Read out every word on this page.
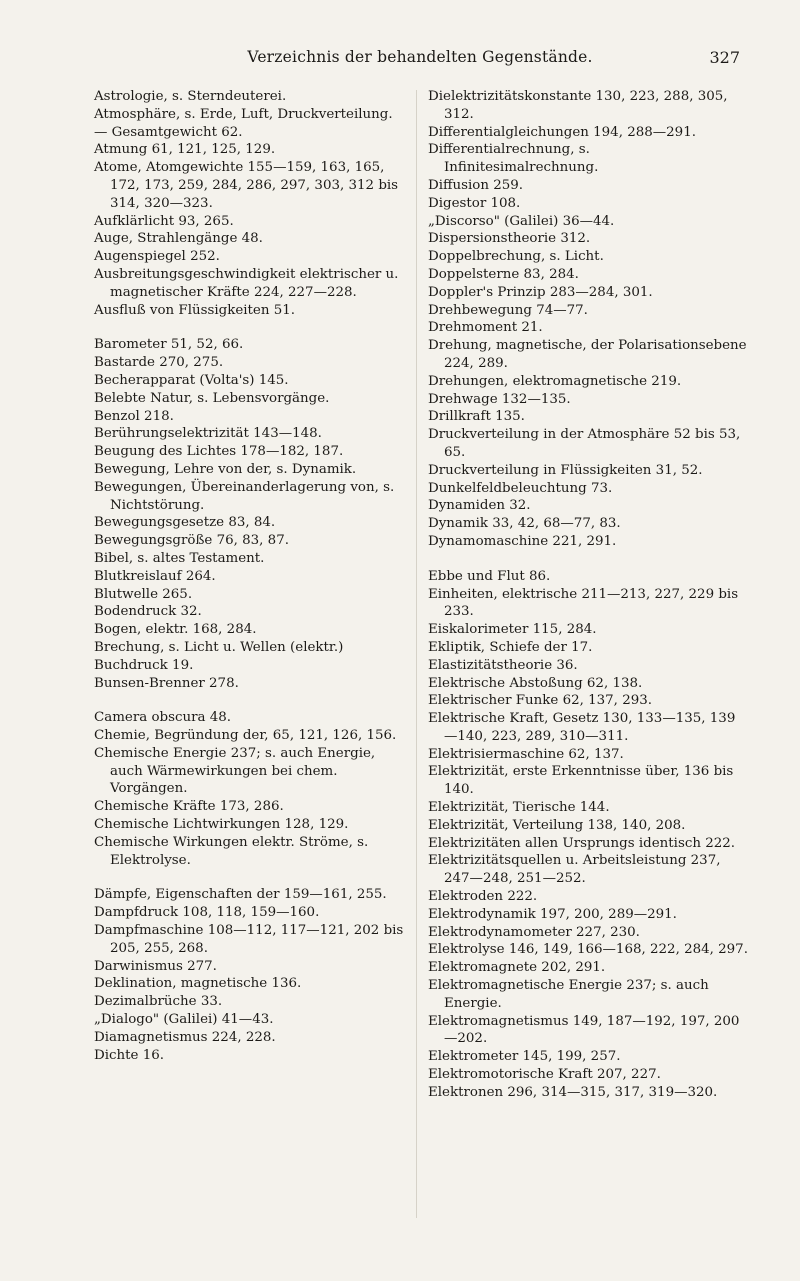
Verzeichnis der behandelten Gegenstände.	327
Astrologie, s. Sterndeuterei.
Atmosphäre, s. Erde, Luft, Druckverteilung.
— Gesamtgewicht 62.
Atmung 61, 121, 125, 129.
Atome, Atomgewichte 155—159, 163, 165, 172, 173, 259, 284, 286, 297, 303, 312 bis 314, 320—323.
Aufklärlicht 93, 265.
Auge, Strahlengänge 48.
Augenspiegel 252.
Ausbreitungsgeschwindigkeit elektrischer u. magnetischer Kräfte 224, 227—228.
Ausfluß von Flüssigkeiten 51.
Barometer 51, 52, 66.
Bastarde 270, 275.
Becherapparat (Volta's) 145.
Belebte Natur, s. Lebensvorgänge.
Benzol 218.
Berührungselektrizität 143—148.
Beugung des Lichtes 178—182, 187.
Bewegung, Lehre von der, s. Dynamik.
Bewegungen, Übereinanderlagerung von, s. Nichtstörung.
Bewegungsgesetze 83, 84.
Bewegungsgröße 76, 83, 87.
Bibel, s. altes Testament.
Blutkreislauf 264.
Blutwelle 265.
Bodendruck 32.
Bogen, elektr. 168, 284.
Brechung, s. Licht u. Wellen (elektr.)
Buchdruck 19.
Bunsen-Brenner 278.
Camera obscura 48.
Chemie, Begründung der, 65, 121, 126, 156.
Chemische Energie 237; s. auch Energie, auch Wärmewirkungen bei chem. Vorgängen.
Chemische Kräfte 173, 286.
Chemische Lichtwirkungen 128, 129.
Chemische Wirkungen elektr. Ströme, s. Elektrolyse.
Dämpfe, Eigenschaften der 159—161, 255.
Dampfdruck 108, 118, 159—160.
Dampfmaschine 108—112, 117—121, 202 bis 205, 255, 268.
Darwinismus 277.
Deklination, magnetische 136.
Dezimalbrüche 33.
„Dialogo" (Galilei) 41—43.
Diamagnetismus 224, 228.
Dichte 16.
Dielektrizitätskonstante 130, 223, 288, 305, 312.
Differentialgleichungen 194, 288—291.
Differentialrechnung, s. Infinitesimalrechnung.
Diffusion 259.
Digestor 108.
„Discorso" (Galilei) 36—44.
Dispersionstheorie 312.
Doppelbrechung, s. Licht.
Doppelsterne 83, 284.
Doppler's Prinzip 283—284, 301.
Drehbewegung 74—77.
Drehmoment 21.
Drehung, magnetische, der Polarisationsebene 224, 289.
Drehungen, elektromagnetische 219.
Drehwage 132—135.
Drillkraft 135.
Druckverteilung in der Atmosphäre 52 bis 53, 65.
Druckverteilung in Flüssigkeiten 31, 52.
Dunkelfeldbeleuchtung 73.
Dynamiden 32.
Dynamik 33, 42, 68—77, 83.
Dynamomaschine 221, 291.
Ebbe und Flut 86.
Einheiten, elektrische 211—213, 227, 229 bis 233.
Eiskalorimeter 115, 284.
Ekliptik, Schiefe der 17.
Elastizitätstheorie 36.
Elektrische Abstoßung 62, 138.
Elektrischer Funke 62, 137, 293.
Elektrische Kraft, Gesetz 130, 133—135, 139—140, 223, 289, 310—311.
Elektrisiermaschine 62, 137.
Elektrizität, erste Erkenntnisse über, 136 bis 140.
Elektrizität, Tierische 144.
Elektrizität, Verteilung 138, 140, 208.
Elektrizitäten allen Ursprungs identisch 222.
Elektrizitätsquellen u. Arbeitsleistung 237, 247—248, 251—252.
Elektroden 222.
Elektrodynamik 197, 200, 289—291.
Elektrodynamometer 227, 230.
Elektrolyse 146, 149, 166—168, 222, 284, 297.
Elektromagnete 202, 291.
Elektromagnetische Energie 237; s. auch Energie.
Elektromagnetismus 149, 187—192, 197, 200—202.
Elektrometer 145, 199, 257.
Elektromotorische Kraft 207, 227.
Elektronen 296, 314—315, 317, 319—320.
